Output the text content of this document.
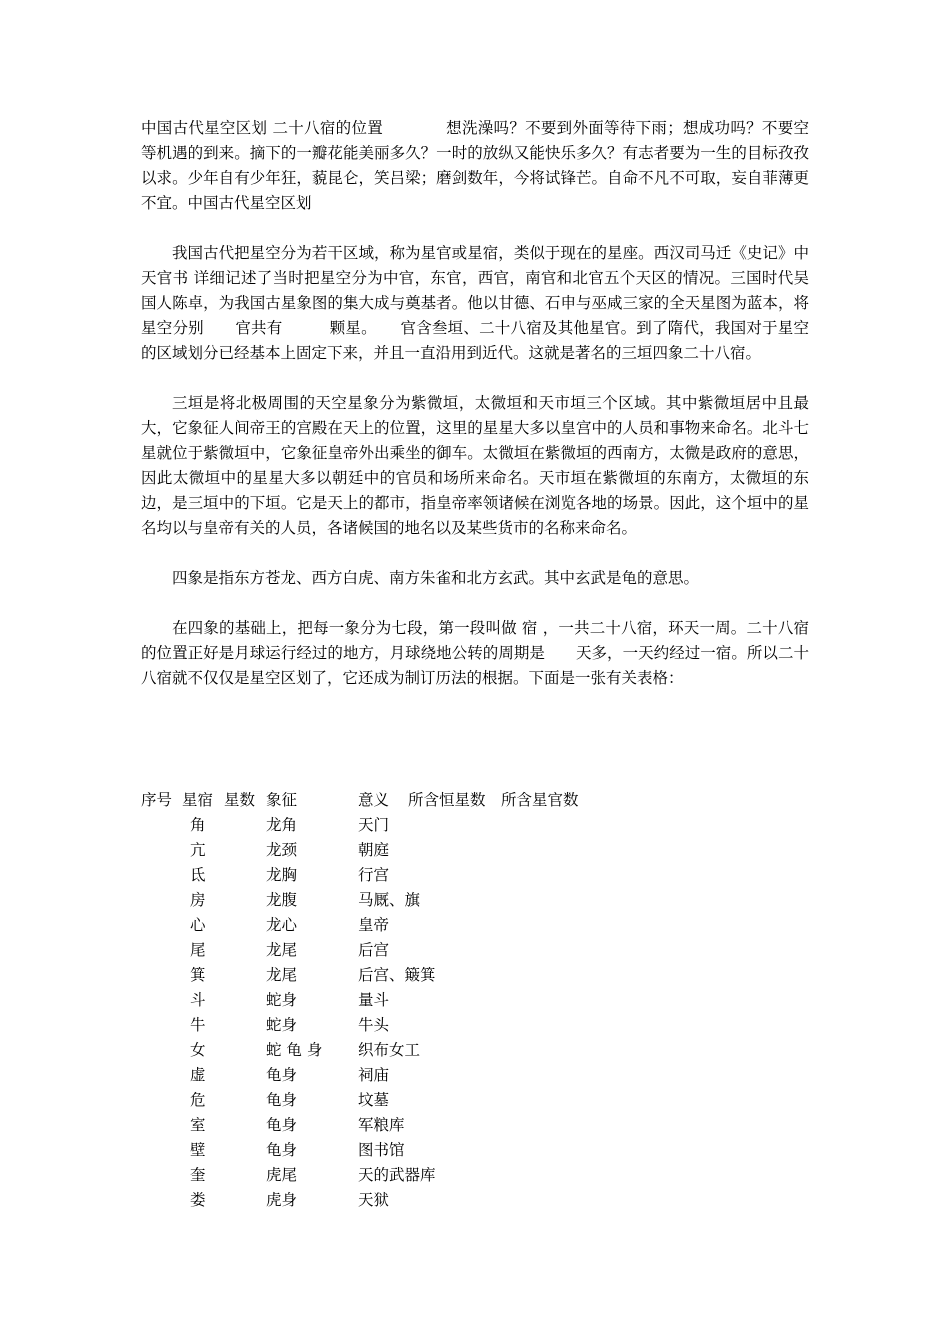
中国古代星空区划 二十八宿的位置　　　　想洗澡吗？不要到外面等待下雨；想成功吗？不要空等机遇的到来。摘下的一瓣花能美丽多久？一时的放纵又能快乐多久？有志者要为一生的目标孜孜以求。少年自有少年狂，藐昆仑，笑吕梁；磨剑数年，今将试锋芒。自命不凡不可取，妄自菲薄更不宜。中国古代星空区划

我国古代把星空分为若干区域，称为星官或星宿，类似于现在的星座。西汉司马迁《史记》中 天官书 详细记述了当时把星空分为中官，东官，西官，南官和北官五个天区的情况。三国时代吴国人陈卓，为我国古星象图的集大成与奠基者。他以甘德、石申与巫咸三家的全天星图为蓝本，将星空分别　　官共有　　　颗星。　　官含叁垣、二十八宿及其他星官。到了隋代，我国对于星空的区域划分已经基本上固定下来，并且一直沿用到近代。这就是著名的三垣四象二十八宿。

三垣是将北极周围的天空星象分为紫微垣，太微垣和天市垣三个区域。其中紫微垣居中且最大，它象征人间帝王的宫殿在天上的位置，这里的星星大多以皇宫中的人员和事物来命名。北斗七星就位于紫微垣中，它象征皇帝外出乘坐的御车。太微垣在紫微垣的西南方，太微是政府的意思，因此太微垣中的星星大多以朝廷中的官员和场所来命名。天市垣在紫微垣的东南方，太微垣的东边，是三垣中的下垣。它是天上的都市，指皇帝率领诸候在浏览各地的场景。因此，这个垣中的星名均以与皇帝有关的人员，各诸候国的地名以及某些货市的名称来命名。

四象是指东方苍龙、西方白虎、南方朱雀和北方玄武。其中玄武是龟的意思。

在四象的基础上，把每一象分为七段，第一段叫做 宿 ，一共二十八宿，环天一周。二十八宿的位置正好是月球运行经过的地方，月球绕地公转的周期是　　天多，一天约经过一宿。所以二十八宿就不仅仅是星空区划了，它还成为制订历法的根据。下面是一张有关表格：

序号 星宿 星数 象征	意义 所含恒星数 所含星官数
角	龙角	天门
亢	龙颈	朝庭
氐	龙胸	行宫
房	龙腹	马厩、旗
心	龙心	皇帝
尾	龙尾	后宫
箕	龙尾	后宫、簸箕
斗	蛇身	量斗
牛	蛇身	牛头
女	蛇 龟 身 织布女工
虚	龟身	祠庙
危	龟身	坟墓
室	龟身	军粮库
壁	龟身	图书馆
奎	虎尾	天的武器库
娄	虎身	天狱
